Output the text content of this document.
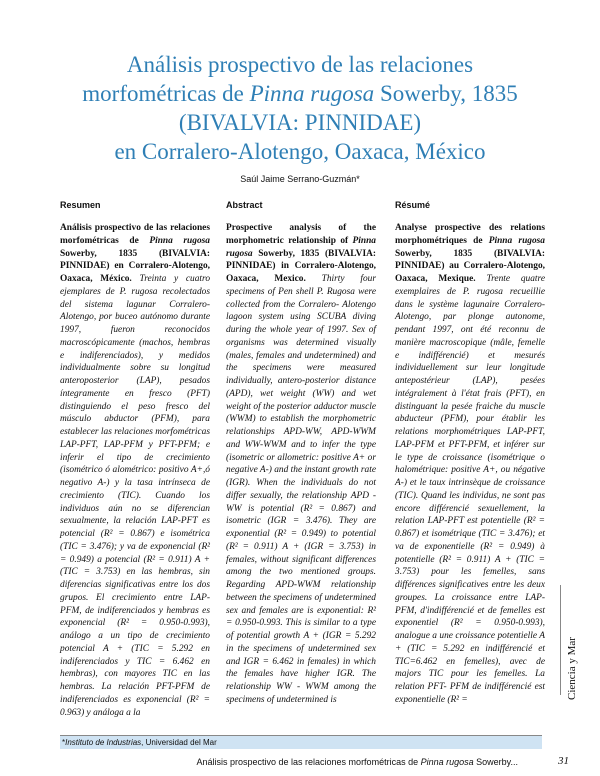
Análisis prospectivo de las relaciones
morfométricas de Pinna rugosa Sowerby, 1835
(BIVALVIA: PINNIDAE)
en Corralero-Alotengo, Oaxaca, México
Saúl Jaime Serrano-Guzmán*
Resumen

Análisis prospectivo de las relaciones morfométricas de Pinna rugosa Sowerby, 1835 (BIVALVIA: PINNIDAE) en Corralero-Alotengo, Oaxaca, México. Treinta y cuatro ejemplares de P. rugosa recolectados del sistema lagunar Corralero-Alotengo, por buceo autónomo durante 1997, fueron reconocidos macroscópicamente (machos, hembras e indiferenciados), y medidos individualmente sobre su longitud anteroposterior (LAP), pesados íntegramente en fresco (PFT) distinguiendo el peso fresco del músculo abductor (PFM), para establecer las relaciones morfométricas LAP-PFT, LAP-PFM y PFT-PFM; e inferir el tipo de crecimiento (isométrico ó alométrico: positivo A+,ó negativo A-) y la tasa intrínseca de crecimiento (TIC). Cuando los individuos aún no se diferencian sexualmente, la relación LAP-PFT es potencial (R² = 0.867) e isométrica (TIC = 3.476); y va de exponencial (R² = 0.949) a potencial (R² = 0.911) A + (TIC = 3.753) en las hembras, sin diferencias significativas entre los dos grupos. El crecimiento entre LAP-PFM, de indiferenciados y hembras es exponencial (R² = 0.950-0.993), análogo a un tipo de crecimiento potencial A + (TIC = 5.292 en indiferenciados y TIC = 6.462 en hembras), con mayores TIC en las hembras. La relación PFT-PFM de indiferenciados es exponencial (R² = 0.963) y análoga a la

Abstract

Prospective analysis of the morphometric relationship of Pinna rugosa Sowerby, 1835 (BIVALVIA: PINNIDAE) in Corralero-Alotengo, Oaxaca, Mexico. Thirty four specimens of Pen shell P. Rugosa were collected from the Corralero- Alotengo lagoon system using SCUBA diving during the whole year of 1997. Sex of organisms was determined visually (males, females and undetermined) and the specimens were measured individually, antero-posterior distance (APD), wet weight (WW) and wet weight of the posterior adductor muscle (WWM) to establish the morphometric relationships APD-WW, APD-WWM and WW-WWM and to infer the type (isometric or allometric: positive A+ or negative A-) and the instant growth rate (IGR). When the individuals do not differ sexually, the relationship APD - WW is potential (R² = 0.867) and isometric (IGR = 3.476). They are exponential (R² = 0.949) to potential (R² = 0.911) A + (IGR = 3.753) in females, without significant differences among the two mentioned groups. Regarding APD-WWM relationship between the specimens of undetermined sex and females are is exponential: R² = 0.950-0.993. This is similar to a type of potential growth A + (IGR = 5.292 in the specimens of undetermined sex and IGR = 6.462 in females) in which the females have higher IGR. The relationship WW - WWM among the specimens of undetermined is

Résumé

Analyse prospective des relations morphométriques de Pinna rugosa Sowerby, 1835 (BIVALVIA: PINNIDAE) au Corralero-Alotengo, Oaxaca, Mexique. Trente quatre exemplaires de P. rugosa recueillie dans le système lagunaire Corralero-Alotengo, par plonge autonome, pendant 1997, ont été reconnu de manière macroscopique (mâle, femelle e indifférencié) et mesurés individuellement sur leur longitude antepostérieur (LAP), pesées intégralement à l'état frais (PFT), en distinguant la pesée fraiche du muscle abducteur (PFM), pour établir les relations morphométriques LAP-PFT, LAP-PFM et PFT-PFM, et inférer sur le type de croissance (isométrique o halométrique: positive A+, ou négative A-) et le taux intrinsèque de croissance (TIC). Quand les individus, ne sont pas encore différencié sexuellement, la relation LAP-PFT est potentielle (R² = 0.867) et isométrique (TIC = 3.476); et va de exponentielle (R² = 0.949) à potentielle (R² = 0.911) A + (TIC = 3.753) pour les femelles, sans différences significatives entre les deux groupes. La croissance entre LAP-PFM, d'indifférencié et de femelles est exponentiel (R² = 0.950-0.993), analogue a une croissance potentielle A + (TIC = 5.292 en indifférencié et TIC=6.462 en femelles), avec de majors TIC pour les femelles. La relation PFT- PFM de indifférencié est exponentielle (R² =	Ciencia y Mar
*Instituto de Industrias, Universidad del Mar
Análisis prospectivo de las relaciones morfométricas de Pinna rugosa Sowerby...	31
